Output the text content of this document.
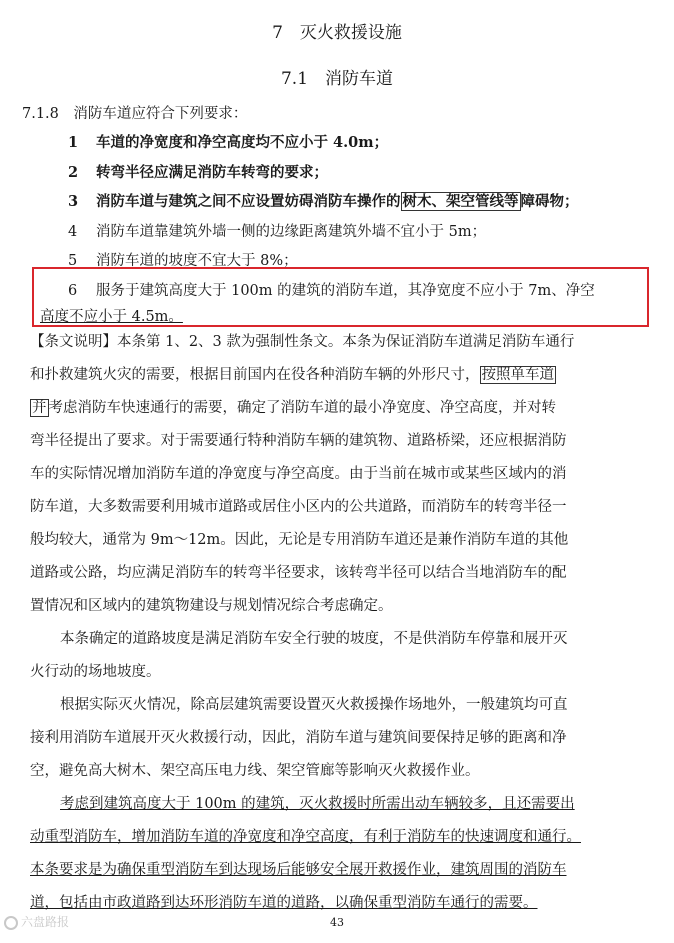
7　灭火救援设施
7.1　消防车道
7.1.8　消防车道应符合下列要求：
1 车道的净宽度和净空高度均不应小于 4.0m；
2 转弯半径应满足消防车转弯的要求；
3 消防车道与建筑之间不应设置妨碍消防车操作的 树木、架空管线等 障碍物；
4 消防车道靠建筑外墙一侧的边缘距离建筑外墙不宜小于 5m；
5 消防车道的坡度不宜大于 8%；
6 服务于建筑高度大于 100m 的建筑的消防车道，其净宽度不应小于 7m、净空
高度不应小于 4.5m。
【条文说明】本条第 1、2、3 款为强制性条文。本条为保证消防车道满足消防车通行
和扑救建筑火灾的需要，根据目前国内在役各种消防车辆的外形尺寸， 按照单车道
并 考虑消防车快速通行的需要，确定了消防车道的最小净宽度、净空高度，并对转
弯半径提出了要求。对于需要通行特种消防车辆的建筑物、道路桥梁，还应根据消防
车的实际情况增加消防车道的净宽度与净空高度。由于当前在城市或某些区域内的消
防车道，大多数需要利用城市道路或居住小区内的公共道路，而消防车的转弯半径一
般均较大，通常为 9m～12m。因此，无论是专用消防车道还是兼作消防车道的其他
道路或公路，均应满足消防车的转弯半径要求，该转弯半径可以结合当地消防车的配
置情况和区域内的建筑物建设与规划情况综合考虑确定。
本条确定的道路坡度是满足消防车安全行驶的坡度，不是供消防车停靠和展开灭
火行动的场地坡度。
根据实际灭火情况，除高层建筑需要设置灭火救援操作场地外，一般建筑均可直
接利用消防车道展开灭火救援行动，因此，消防车道与建筑间要保持足够的距离和净
空，避免高大树木、架空高压电力线、架空管廊等影响灭火救援作业。
考虑到建筑高度大于 100m 的建筑，灭火救援时所需出动车辆较多，且还需要出
动重型消防车，增加消防车道的净宽度和净空高度，有利于消防车的快速调度和通行。
本条要求是为确保重型消防车到达现场后能够安全展开救援作业，建筑周围的消防车
道，包括由市政道路到达环形消防车道的道路，以确保重型消防车通行的需要。
43
六盘路报
